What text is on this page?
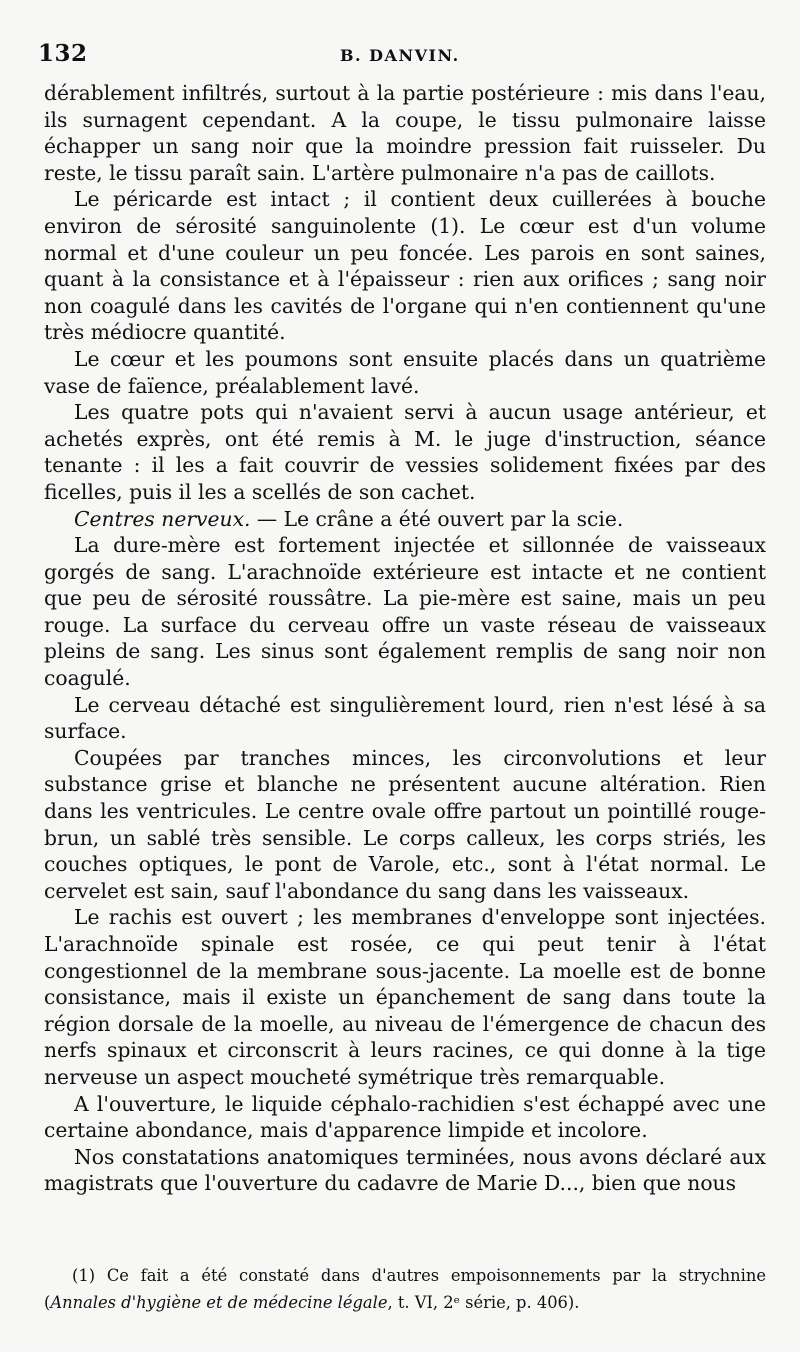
132	B. DANVIN.

dérablement infiltrés, surtout à la partie postérieure : mis dans l'eau, ils surnagent cependant. A la coupe, le tissu pulmonaire laisse échapper un sang noir que la moindre pression fait ruisseler. Du reste, le tissu paraît sain. L'artère pulmonaire n'a pas de caillots.

Le péricarde est intact ; il contient deux cuillerées à bouche environ de sérosité sanguinolente (1). Le cœur est d'un volume normal et d'une couleur un peu foncée. Les parois en sont saines, quant à la consistance et à l'épaisseur : rien aux orifices ; sang noir non coagulé dans les cavités de l'organe qui n'en contiennent qu'une très médiocre quantité.

Le cœur et les poumons sont ensuite placés dans un quatrième vase de faïence, préalablement lavé.

Les quatre pots qui n'avaient servi à aucun usage antérieur, et achetés exprès, ont été remis à M. le juge d'instruction, séance tenante : il les a fait couvrir de vessies solidement fixées par des ficelles, puis il les a scellés de son cachet.

Centres nerveux. — Le crâne a été ouvert par la scie.

La dure-mère est fortement injectée et sillonnée de vaisseaux gorgés de sang. L'arachnoïde extérieure est intacte et ne contient que peu de sérosité roussâtre. La pie-mère est saine, mais un peu rouge. La surface du cerveau offre un vaste réseau de vaisseaux pleins de sang. Les sinus sont également remplis de sang noir non coagulé.

Le cerveau détaché est singulièrement lourd, rien n'est lésé à sa surface.

Coupées par tranches minces, les circonvolutions et leur substance grise et blanche ne présentent aucune altération. Rien dans les ventricules. Le centre ovale offre partout un pointillé rouge-brun, un sablé très sensible. Le corps calleux, les corps striés, les couches optiques, le pont de Varole, etc., sont à l'état normal. Le cervelet est sain, sauf l'abondance du sang dans les vaisseaux.

Le rachis est ouvert ; les membranes d'enveloppe sont injectées. L'arachnoïde spinale est rosée, ce qui peut tenir à l'état congestionnel de la membrane sous-jacente. La moelle est de bonne consistance, mais il existe un épanchement de sang dans toute la région dorsale de la moelle, au niveau de l'émergence de chacun des nerfs spinaux et circonscrit à leurs racines, ce qui donne à la tige nerveuse un aspect moucheté symétrique très remarquable.

A l'ouverture, le liquide céphalo-rachidien s'est échappé avec une certaine abondance, mais d'apparence limpide et incolore.

Nos constatations anatomiques terminées, nous avons déclaré aux magistrats que l'ouverture du cadavre de Marie D..., bien que nous

(1) Ce fait a été constaté dans d'autres empoisonnements par la strychnine (Annales d'hygiène et de médecine légale, t. VI, 2ᵉ série, p. 406).
